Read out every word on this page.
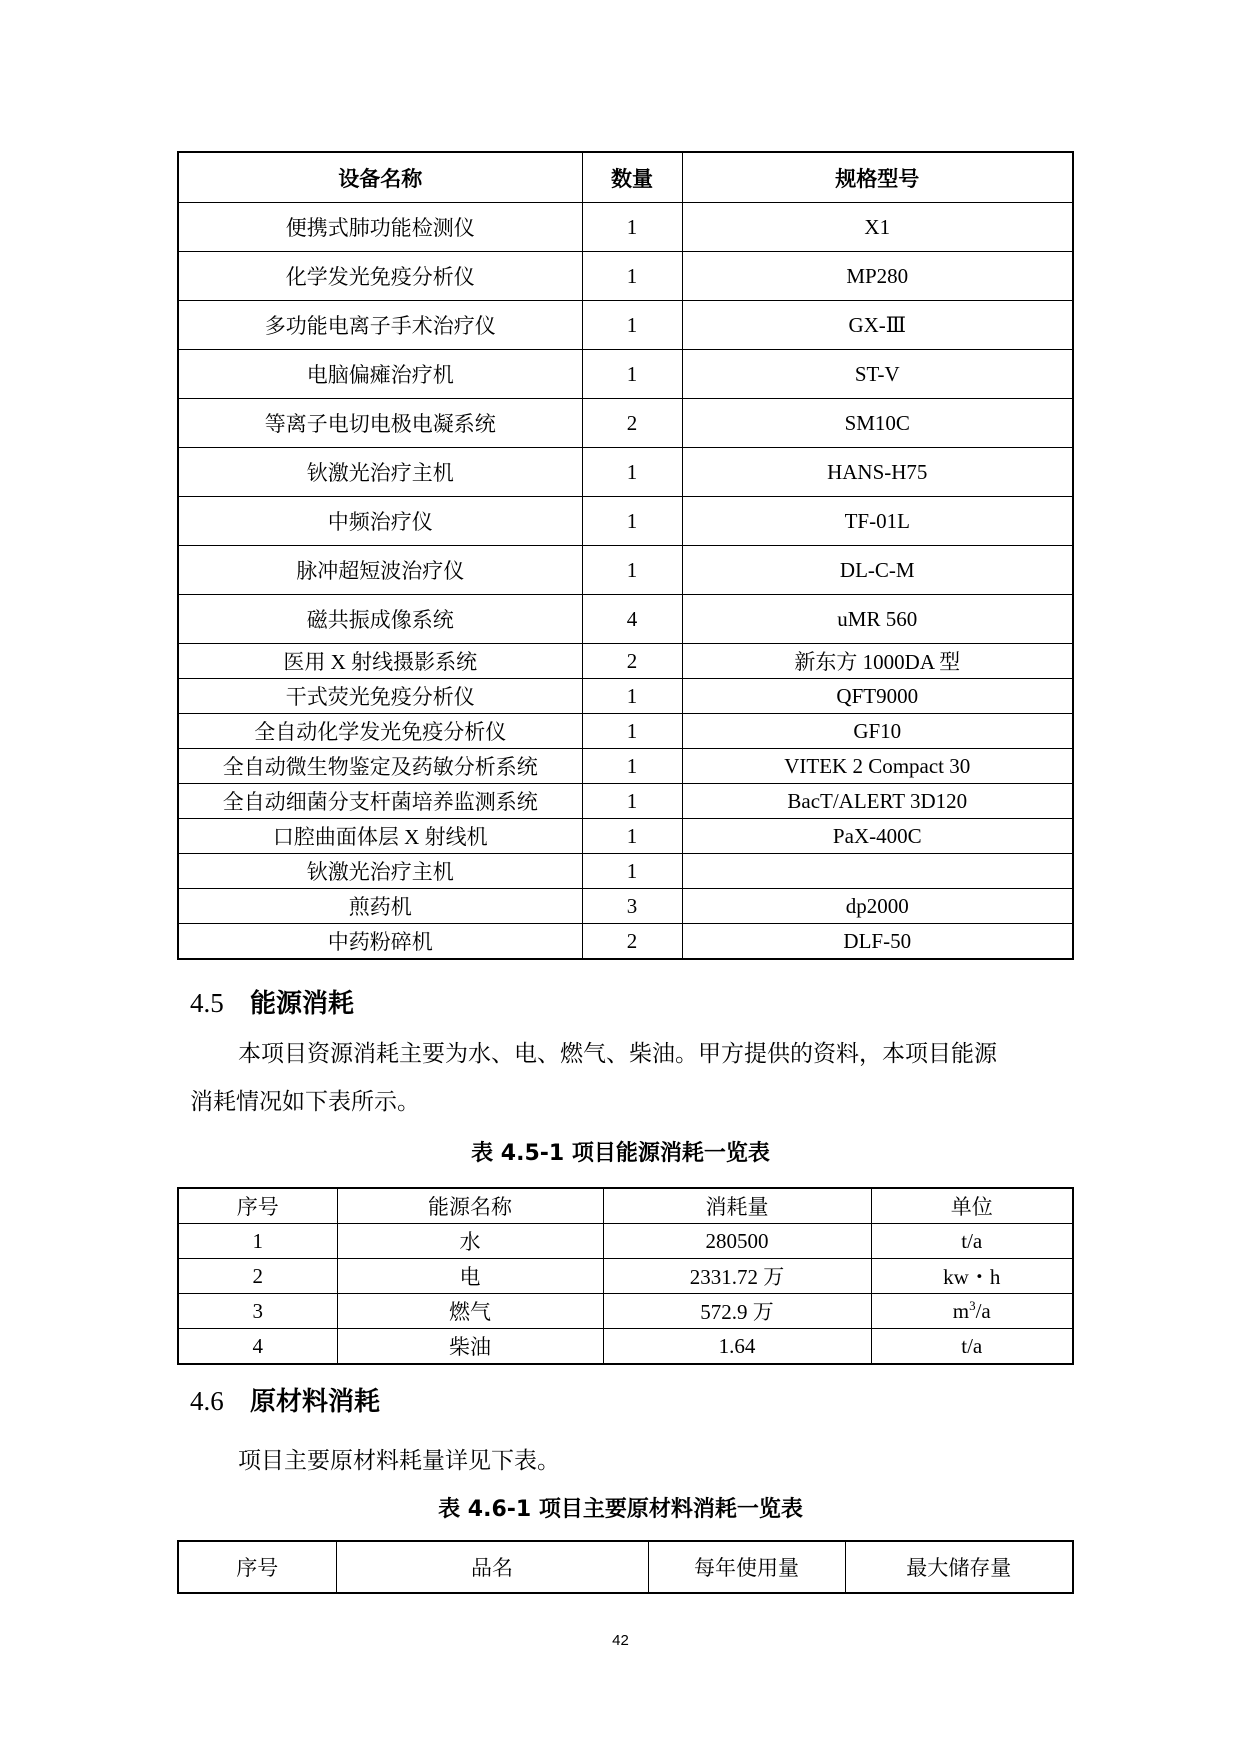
设备名称	数量	规格型号
便携式肺功能检测仪	1	X1
化学发光免疫分析仪	1	MP280
多功能电离子手术治疗仪	1	GX-Ⅲ
电脑偏瘫治疗机	1	ST-V
等离子电切电极电凝系统	2	SM10C
钬激光治疗主机	1	HANS-H75
中频治疗仪	1	TF-01L
脉冲超短波治疗仪	1	DL-C-M
磁共振成像系统	4	uMR 560
医用 X 射线摄影系统	2	新东方 1000DA 型
干式荧光免疫分析仪	1	QFT9000
全自动化学发光免疫分析仪	1	GF10
全自动微生物鉴定及药敏分析系统	1	VITEK 2 Compact 30
全自动细菌分支杆菌培养监测系统	1	BacT/ALERT 3D120
口腔曲面体层 X 射线机	1	PaX-400C
钬激光治疗主机	1	
煎药机	3	dp2000
中药粉碎机	2	DLF-50
4.5 能源消耗
本项目资源消耗主要为水、电、燃气、柴油。甲方提供的资料，本项目能源
消耗情况如下表所示。
表 4.5-1 项目能源消耗一览表
序号	能源名称	消耗量	单位
1	水	280500	t/a
2	电	2331.72 万	kw・h
3	燃气	572.9 万	$m^3/a$
4	柴油	1.64	t/a
4.6 原材料消耗
项目主要原材料耗量详见下表。
表 4.6-1 项目主要原材料消耗一览表
序号	品名	每年使用量	最大储存量
42
